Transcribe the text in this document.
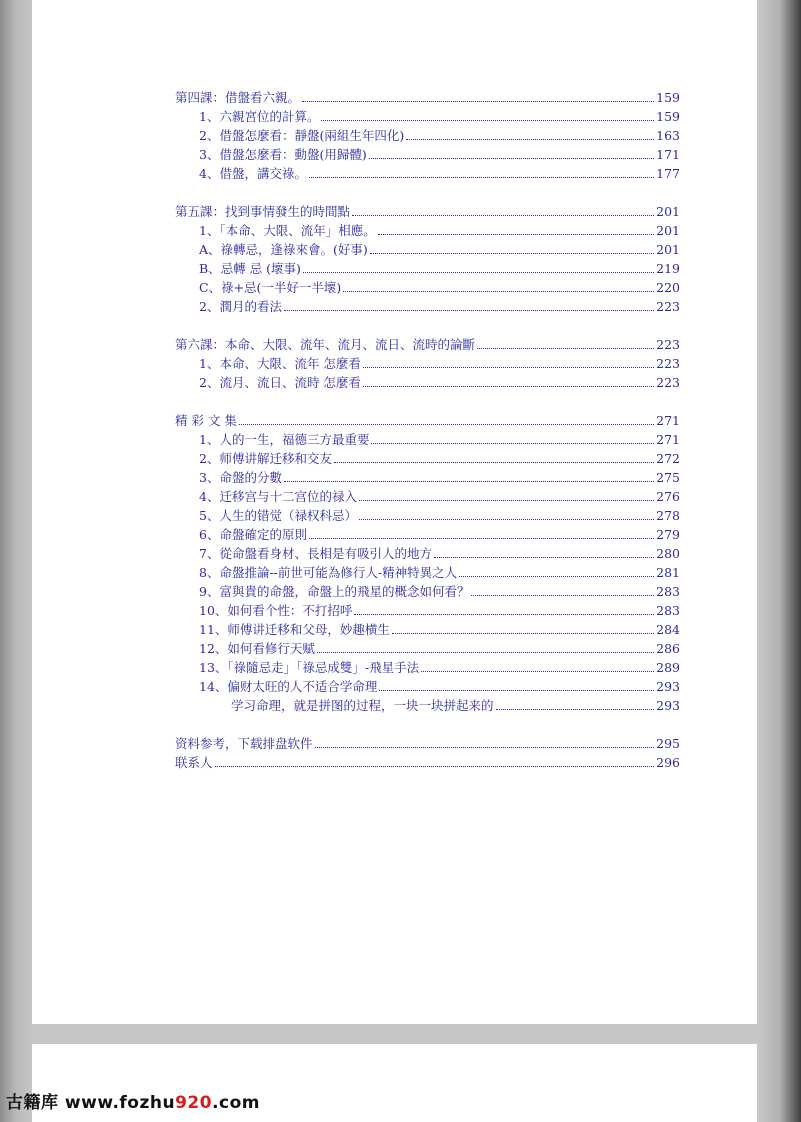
第四課：借盤看六親。	159
1、六親宮位的計算。	159
2、借盤怎麼看：靜盤(兩組生年四化)	163
3、借盤怎麼看：動盤(用歸體)	171
4、借盤，講交祿。	177
第五課：找到事情發生的時間點	201
1、「本命、大限、流年」相應。	201
A、祿轉忌，逢祿來會。(好事)	201
B、忌轉 忌 (壞事)	219
C、祿+忌(一半好一半壞)	220
2、潤月的看法	223
第六課：本命、大限、流年、流月、流日、流時的論斷	223
1、本命、大限、流年 怎麼看	223
2、流月、流日、流時 怎麼看	223
精 彩 文 集	271
1、人的一生，福德三方最重要	271
2、师傅讲解迁移和交友	272
3、命盤的分數	275
4、迁移宫与十二宫位的禄入	276
5、人生的错觉（禄权科忌）	278
6、命盤確定的原則	279
7、從命盤看身材、長相是有吸引人的地方	280
8、命盤推論--前世可能為修行人-精神特異之人	281
9、富與貴的命盤，命盤上的飛星的概念如何看？	283
10、如何看个性：不打招呼	283
11、师傅讲迁移和父母，妙趣横生	284
12、如何看修行天赋	286
13、「祿隨忌走」「祿忌成雙」-飛星手法	289
14、偏财太旺的人不适合学命理	293
学习命理，就是拼图的过程，一块一块拼起来的	293
资料参考，下载排盘软件	295
联系人	296
古籍库 www.fozhu920.com
